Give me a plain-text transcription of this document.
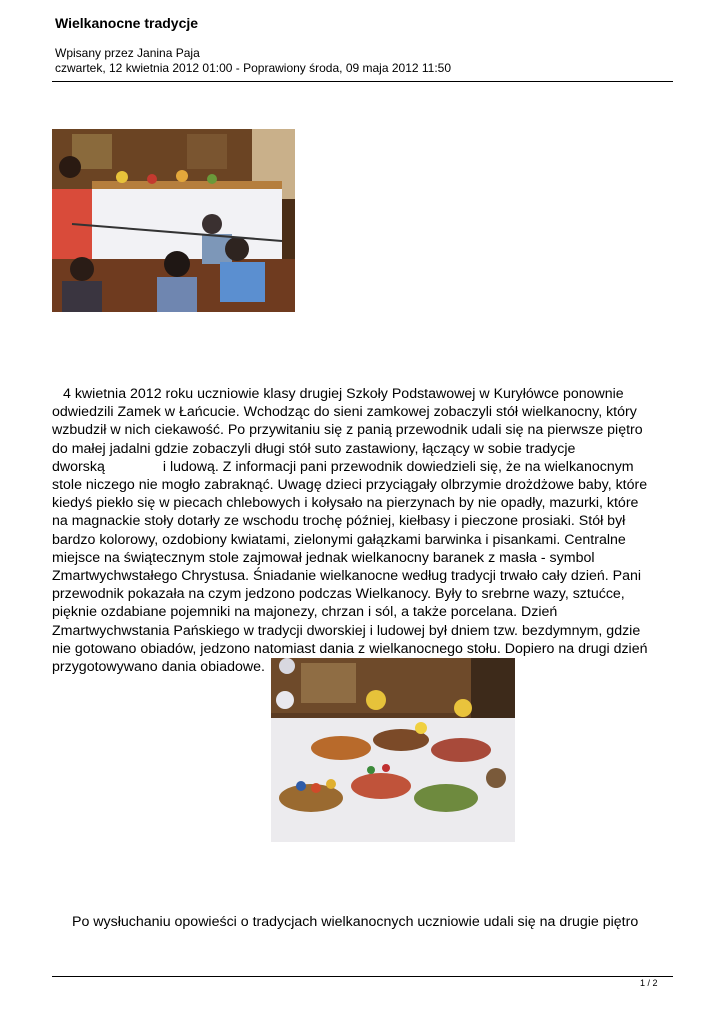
Wielkanocne tradycje
Wpisany przez Janina Paja
czwartek, 12 kwietnia 2012 01:00 - Poprawiony środa, 09 maja 2012 11:50

4 kwietnia 2012 roku uczniowie klasy drugiej Szkoły Podstawowej w Kuryłówce ponownie
odwiedzili Zamek w Łańcucie. Wchodząc do sieni zamkowej zobaczyli stół wielkanocny, który
wzbudził w nich ciekawość. Po przywitaniu się z panią przewodnik udali się na pierwsze piętro
do małej jadalni gdzie zobaczyli długi stół suto zastawiony, łączący w sobie tradycje
dworską	i ludową. Z informacji pani przewodnik dowiedzieli się, że na wielkanocnym
stole niczego nie mogło zabraknąć. Uwagę dzieci przyciągały olbrzymie drożdżowe baby, które
kiedyś piekło się w piecach chlebowych i kołysało na pierzynach by nie opadły, mazurki, które
na magnackie stoły dotarły ze wschodu trochę później, kiełbasy i pieczone prosiaki. Stół był
bardzo kolorowy, ozdobiony kwiatami, zielonymi gałązkami barwinka i pisankami. Centralne
miejsce na świątecznym stole zajmował jednak wielkanocny baranek z masła - symbol
Zmartwychwstałego Chrystusa. Śniadanie wielkanocne według tradycji trwało cały dzień. Pani
przewodnik pokazała na czym jedzono podczas Wielkanocy. Były to srebrne wazy, sztućce,
pięknie ozdabiane pojemniki na majonezy, chrzan i sól, a także porcelana. Dzień
Zmartwychwstania Pańskiego w tradycji dworskiej i ludowej był dniem tzw. bezdymnym, gdzie
nie gotowano obiadów, jedzono natomiast dania z wielkanocnego stołu. Dopiero na drugi dzień
przygotowywano dania obiadowe.

Po wysłuchaniu opowieści o tradycjach wielkanocnych uczniowie udali się na drugie piętro
1 / 2
